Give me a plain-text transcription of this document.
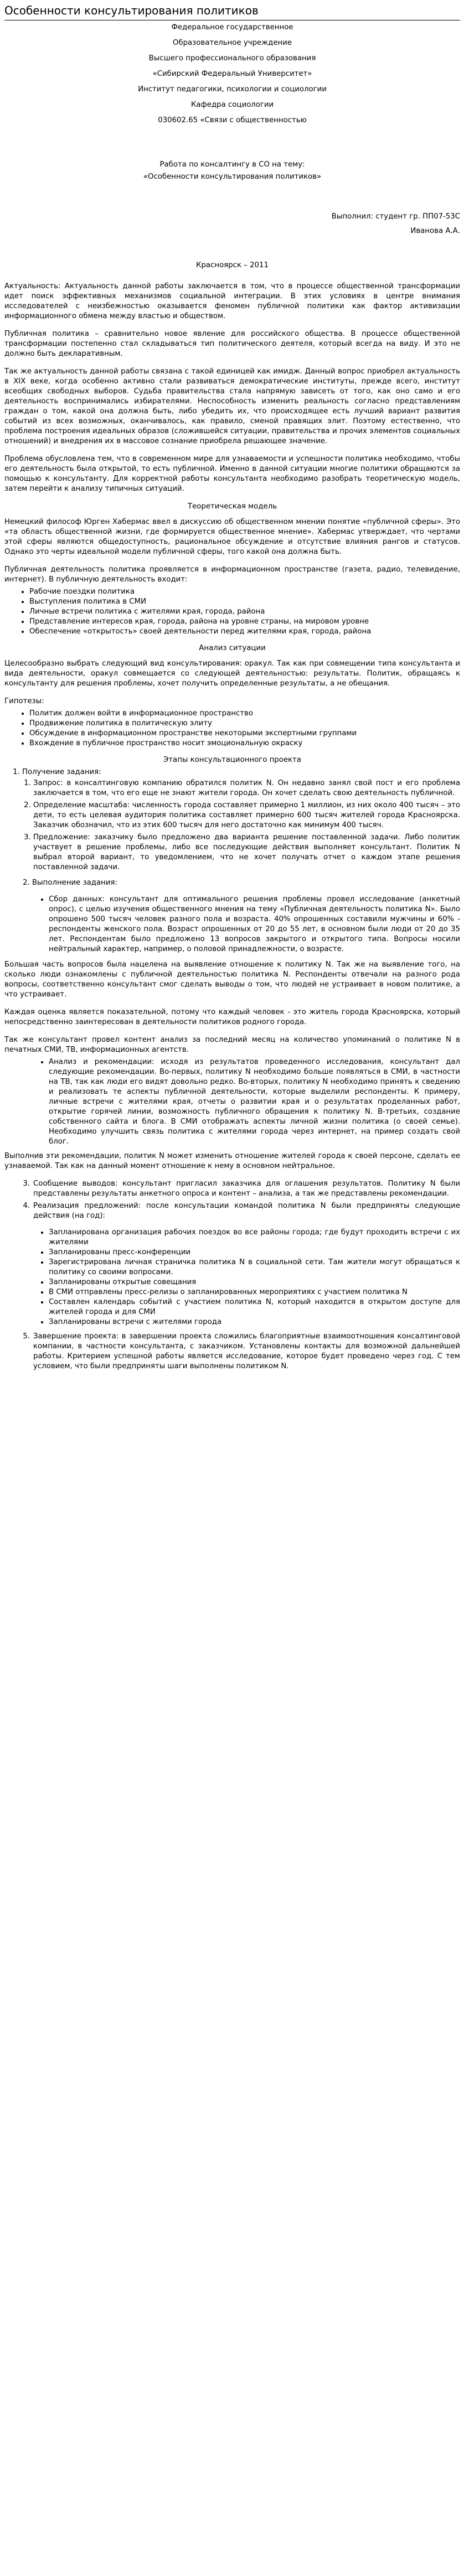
Особенности консультирования политиков

Федеральное государственное

Образовательное учреждение

Высшего профессионального образования

«Сибирский Федеральный Университет»

Институт педагогики, психологии и социологии

Кафедра социологии

030602.65 «Связи с общественностью

Работа по консалтингу в СО на тему:

«Особенности консультирования политиков»

Выполнил: студент гр. ПП07-53С

Иванова А.А.

Красноярск – 2011

Актуальность: Актуальность данной работы заключается в том, что в процессе общественной трансформации идет поиск эффективных механизмов социальной интеграции. В этих условиях в центре внимания исследователей с неизбежностью оказывается феномен публичной политики как фактор активизации информационного обмена между властью и обществом.

Публичная политика – сравнительно новое явление для российского общества. В процессе общественной трансформации постепенно стал складываться тип политического деятеля, который всегда на виду. И это не должно быть декларативным.

Так же актуальность данной работы связана с такой единицей как имидж. Данный вопрос приобрел актуальность в XIX веке, когда особенно активно стали развиваться демократические институты, прежде всего, институт всеобщих свободных выборов. Судьба правительства стала напрямую зависеть от того, как оно само и его деятельность воспринимались избирателями. Неспособность изменить реальность согласно представлениям граждан о том, какой она должна быть, либо убедить их, что происходящее есть лучший вариант развития событий из всех возможных, оканчивалось, как правило, сменой правящих элит. Поэтому естественно, что проблема построения идеальных образов (сложившейся ситуации, правительства и прочих элементов социальных отношений) и внедрения их в массовое сознание приобрела решающее значение.

Проблема обусловлена тем, что в современном мире для узнаваемости и успешности политика необходимо, чтобы его деятельность была открытой, то есть публичной. Именно в данной ситуации многие политики обращаются за помощью к консультанту. Для корректной работы консультанта необходимо разобрать теоретическую модель, затем перейти к анализу типичных ситуаций.

Теоретическая модель

Немецкий философ Юрген Хабермас ввел в дискуссию об общественном мнении понятие «публичной сферы». Это «та область общественной жизни, где формируется общественное мнение». Хабермас утверждает, что чертами этой сферы являются общедоступность, рациональное обсуждение и отсутствие влияния рангов и статусов. Однако это черты идеальной модели публичной сферы, того какой она должна быть.

Публичная деятельность политика проявляется в информационном пространстве (газета, радио, телевидение, интернет). В публичную деятельность входит:

• Рабочие поездки политика
• Выступления политика в СМИ
• Личные встречи политика с жителями края, города, района
• Представление интересов края, города, района на уровне страны, на мировом уровне
• Обеспечение «открытость» своей деятельности перед жителями края, города, района
Анализ ситуации

Целесообразно выбрать следующий вид консультирования: оракул. Так как при совмещении типа консультанта и вида деятельности, оракул совмещается со следующей деятельностью: результаты. Политик, обращаясь к консультанту для решения проблемы, хочет получить определенные результаты, а не обещания.

Гипотезы:

• Политик должен войти в информационное пространство
• Продвижение политика в политическую элиту
• Обсуждение в информационном пространстве некоторыми экспертными группами
• Вхождение в публичное пространство носит эмоциональную окраску
Этапы консультационного проекта
1. Получение задания:
1. Запрос: в консалтинговую компанию обратился политик N. Он недавно занял свой пост и его проблема заключается в том, что его еще не знают жители города. Он хочет сделать свою деятельность публичной.
2. Определение масштаба: численность города составляет примерно 1 миллион, из них около 400 тысяч – это дети, то есть целевая аудитория политика составляет примерно 600 тысяч жителей города Красноярска. Заказчик обозначил, что из этих 600 тысяч для него достаточно как минимум 400 тысяч.
3. Предложение: заказчику было предложено два варианта решение поставленной задачи. Либо политик участвует в решение проблемы, либо все последующие действия выполняет консультант. Политик N выбрал второй вариант, то уведомлением, что не хочет получать отчет о каждом этапе решения поставленной задачи.
2. Выполнение задания:
• Сбор данных: консультант для оптимального решения проблемы провел исследование (анкетный опрос), с целью изучения общественного мнения на тему «Публичная деятельность политика N». Было опрошено 500 тысяч человек разного пола и возраста. 40% опрошенных составили мужчины и 60% - респонденты женского пола. Возраст опрошенных от 20 до 55 лет, в основном были люди от 20 до 35 лет. Респондентам было предложено 13 вопросов закрытого и открытого типа. Вопросы носили нейтральный характер, например, о половой принадлежности, о возрасте.

Большая часть вопросов была нацелена на выявление отношение к политику N. Так же на выявление того, на сколько люди ознакомлены с публичной деятельностью политика N. Респонденты отвечали на разного рода вопросы, соответственно консультант смог сделать выводы о том, что людей не устраивает в новом политике, а что устраивает.

Каждая оценка является показательной, потому что каждый человек - это житель города Красноярска, который непосредственно заинтересован в деятельности политиков родного города.

Так же консультант провел контент анализ за последний месяц на количество упоминаний о политике N в печатных СМИ, ТВ, информационных агентств.

• Анализ и рекомендации: исходя из результатов проведенного исследования, консультант дал следующие рекомендации. Во-первых, политику N необходимо больше появляться в СМИ, в частности на ТВ, так как люди его видят довольно редко. Во-вторых, политику N необходимо принять к сведению и реализовать те аспекты публичной деятельности, которые выделили респонденты. К примеру, личные встречи с жителями края, отчеты о развитии края и о результатах проделанных работ, открытие горячей линии, возможность публичного обращения к политику N. В-третьих, создание собственного сайта и блога. В СМИ отображать аспекты личной жизни политика (о своей семье). Необходимо улучшить связь политика с жителями города через интернет, на пример создать свой блог.

Выполнив эти рекомендации, политик N может изменить отношение жителей города к своей персоне, сделать ее узнаваемой. Так как на данный момент отношение к нему в основном нейтральное.

3. Сообщение выводов: консультант пригласил заказчика для оглашения результатов. Политику N были представлены результаты анкетного опроса и контент – анализа, а так же представлены рекомендации.
4. Реализация предложений: после консультации командой политика N были предприняты следующие действия (на год):
• Запланирована организация рабочих поездок во все районы города; где будут проходить встречи с их жителями
• Запланированы пресс-конференции
• Зарегистрирована личная страничка политика N в социальной сети. Там жители могут обращаться к политику со своими вопросами.
• Запланированы открытые совещания
• В СМИ отправлены пресс-релизы о запланированных мероприятиях с участием политика N
• Составлен календарь событий с участием политика N, который находится в открытом доступе для жителей города и для СМИ
• Запланированы встречи с жителями города
5. Завершение проекта: в завершении проекта сложились благоприятные взаимоотношения консалтинговой компании, в частности консультанта, с заказчиком. Установлены контакты для возможной дальнейшей работы. Критерием успешной работы является исследование, которое будет проведено через год. С тем условием, что были предприняты шаги выполнены политиком N.
